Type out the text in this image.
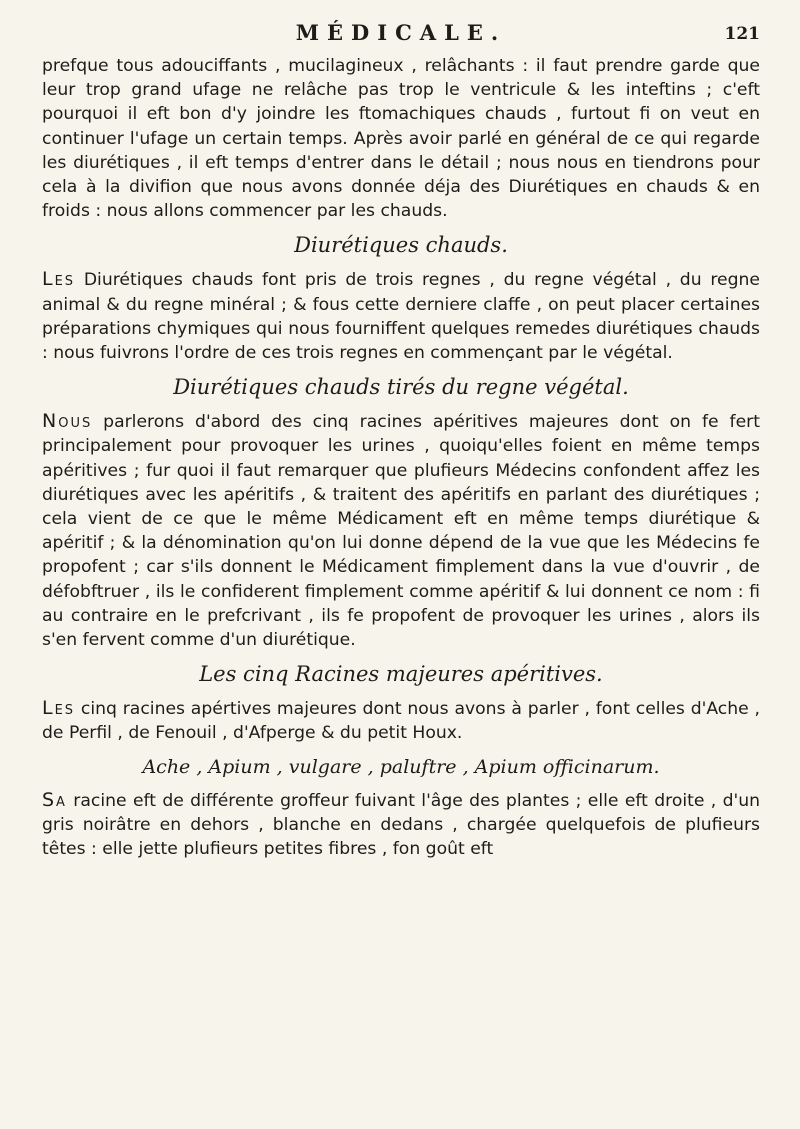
MÉDICALE.	121

prefque tous adouciffants , mucilagineux , relâchants : il faut prendre garde que leur trop grand ufage ne relâche pas trop le ventricule & les inteftins ; c'eft pourquoi il eft bon d'y joindre les ftomachiques chauds , furtout fi on veut en continuer l'ufage un certain temps. Après avoir parlé en général de ce qui regarde les diurétiques , il eft temps d'entrer dans le détail ; nous nous en tiendrons pour cela à la divifion que nous avons donnée déja des Diurétiques en chauds & en froids : nous allons commencer par les chauds.

Diurétiques chauds.

Les Diurétiques chauds font pris de trois regnes , du regne végétal , du regne animal & du regne minéral ; & fous cette derniere claffe , on peut placer certaines préparations chymiques qui nous fourniffent quelques remedes diurétiques chauds : nous fuivrons l'ordre de ces trois regnes en commençant par le végétal.

Diurétiques chauds tirés du regne végétal.

Nous parlerons d'abord des cinq racines apéritives majeures dont on fe fert principalement pour provoquer les urines , quoiqu'elles foient en même temps apéritives ; fur quoi il faut remarquer que plufieurs Médecins confondent affez les diurétiques avec les apéritifs , & traitent des apéritifs en parlant des diurétiques ; cela vient de ce que le même Médicament eft en même temps diurétique & apéritif ; & la dénomination qu'on lui donne dépend de la vue que les Médecins fe propofent ; car s'ils donnent le Médicament fimplement dans la vue d'ouvrir , de défobftruer , ils le confiderent fimplement comme apéritif & lui donnent ce nom : fi au contraire en le prefcrivant , ils fe propofent de provoquer les urines , alors ils s'en fervent comme d'un diurétique.

Les cinq Racines majeures apéritives.

Les cinq racines apértives majeures dont nous avons à parler , font celles d'Ache , de Perfil , de Fenouil , d'Afperge & du petit Houx.

Ache , Apium , vulgare , paluftre , Apium officinarum.

Sa racine eft de différente groffeur fuivant l'âge des plantes ; elle eft droite , d'un gris noirâtre en dehors , blanche en dedans , chargée quelquefois de plufieurs têtes : elle jette plufieurs petites fibres , fon goût eft
